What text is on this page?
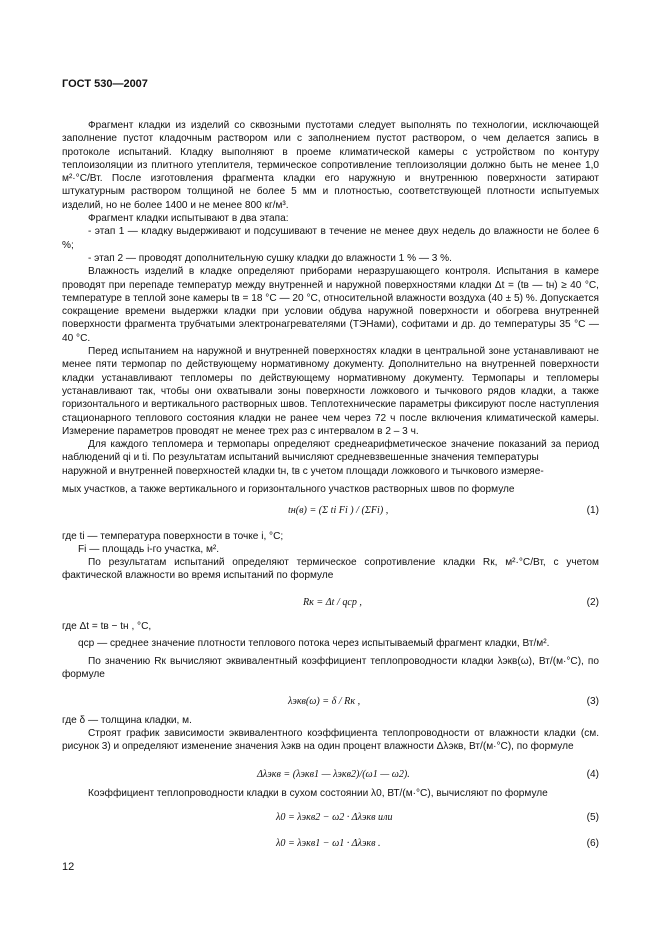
ГОСТ 530—2007

Фрагмент кладки из изделий со сквозными пустотами следует выполнять по технологии, исключающей заполнение пустот кладочным раствором или с заполнением пустот раствором, о чем делается запись в протоколе испытаний. Кладку выполняют в проеме климатической камеры с устройством по контуру теплоизоляции из плитного утеплителя, термическое сопротивление теплоизоляции должно быть не менее 1,0 м²·°С/Вт. После изготовления фрагмента кладки его наружную и внутреннюю поверхности затирают штукатурным раствором толщиной не более 5 мм и плотностью, соответствующей плотности испытуемых изделий, но не более 1400 и не менее 800 кг/м³.

Фрагмент кладки испытывают в два этапа:

- этап 1 — кладку выдерживают и подсушивают в течение не менее двух недель до влажности не более 6 %;

- этап 2 — проводят дополнительную сушку кладки до влажности 1 % — 3 %.

Влажность изделий в кладке определяют приборами неразрушающего контроля. Испытания в камере проводят при перепаде температур между внутренней и наружной поверхностями кладки Δt = (tв — tн) ≥ 40 °С, температуре в теплой зоне камеры tв = 18 °С — 20 °С, относительной влажности воздуха (40 ± 5) %. Допускается сокращение времени выдержки кладки при условии обдува наружной поверхности и обогрева внутренней поверхности фрагмента трубчатыми электронагревателями (ТЭНами), софитами и др. до температуры 35 °С — 40 °С.

Перед испытанием на наружной и внутренней поверхностях кладки в центральной зоне устанавливают не менее пяти термопар по действующему нормативному документу. Дополнительно на внутренней поверхности кладки устанавливают тепломеры по действующему нормативному документу. Термопары и тепломеры устанавливают так, чтобы они охватывали зоны поверхности ложкового и тычкового рядов кладки, а также горизонтального и вертикального растворных швов. Теплотехнические параметры фиксируют после наступления стационарного теплового состояния кладки не ранее чем через 72 ч после включения климатической камеры. Измерение параметров проводят не менее трех раз с интервалом в 2 – 3 ч.

Для каждого тепломера и термопары определяют среднеарифметическое значение показаний за период наблюдений qi и ti. По результатам испытаний вычисляют средневзвешенные значения температуры

наружной и внутренней поверхностей кладки tн, tв с учетом площади ложкового и тычкового измеряе-
мых участков, а также вертикального и горизонтального участков растворных швов по формуле
tн(в) = (Σ ti Fi ) / (ΣFi) ,	(1)
где ti — температура поверхности в точке i, °С;
Fi — площадь i-го участка, м².

По результатам испытаний определяют термическое сопротивление кладки Rк, м²·°С/Вт, с учетом фактической влажности во время испытаний по формуле

Rк = Δt / qср ,	(2)
где Δt = tв − tн , °С,
qср — среднее значение плотности теплового потока через испытываемый фрагмент кладки, Вт/м².

По значению Rк вычисляют эквивалентный коэффициент теплопроводности кладки λэкв(ω), Вт/(м·°С), по формуле

λэкв(ω) = δ / Rк ,	(3)
где δ — толщина кладки, м.

Строят график зависимости эквивалентного коэффициента теплопроводности от влажности кладки (см. рисунок 3) и определяют изменение значения λэкв на один процент влажности Δλэкв, Вт/(м·°С), по формуле

Δλэкв = (λэкв1 — λэкв2)/(ω1 — ω2).	(4)

Коэффициент теплопроводности кладки в сухом состоянии λ0, ВТ/(м·°С), вычисляют по формуле

λ0 = λэкв2 − ω2 · Δλэкв или	(5)
λ0 = λэкв1 − ω1 · Δλэкв .	(6)
12
